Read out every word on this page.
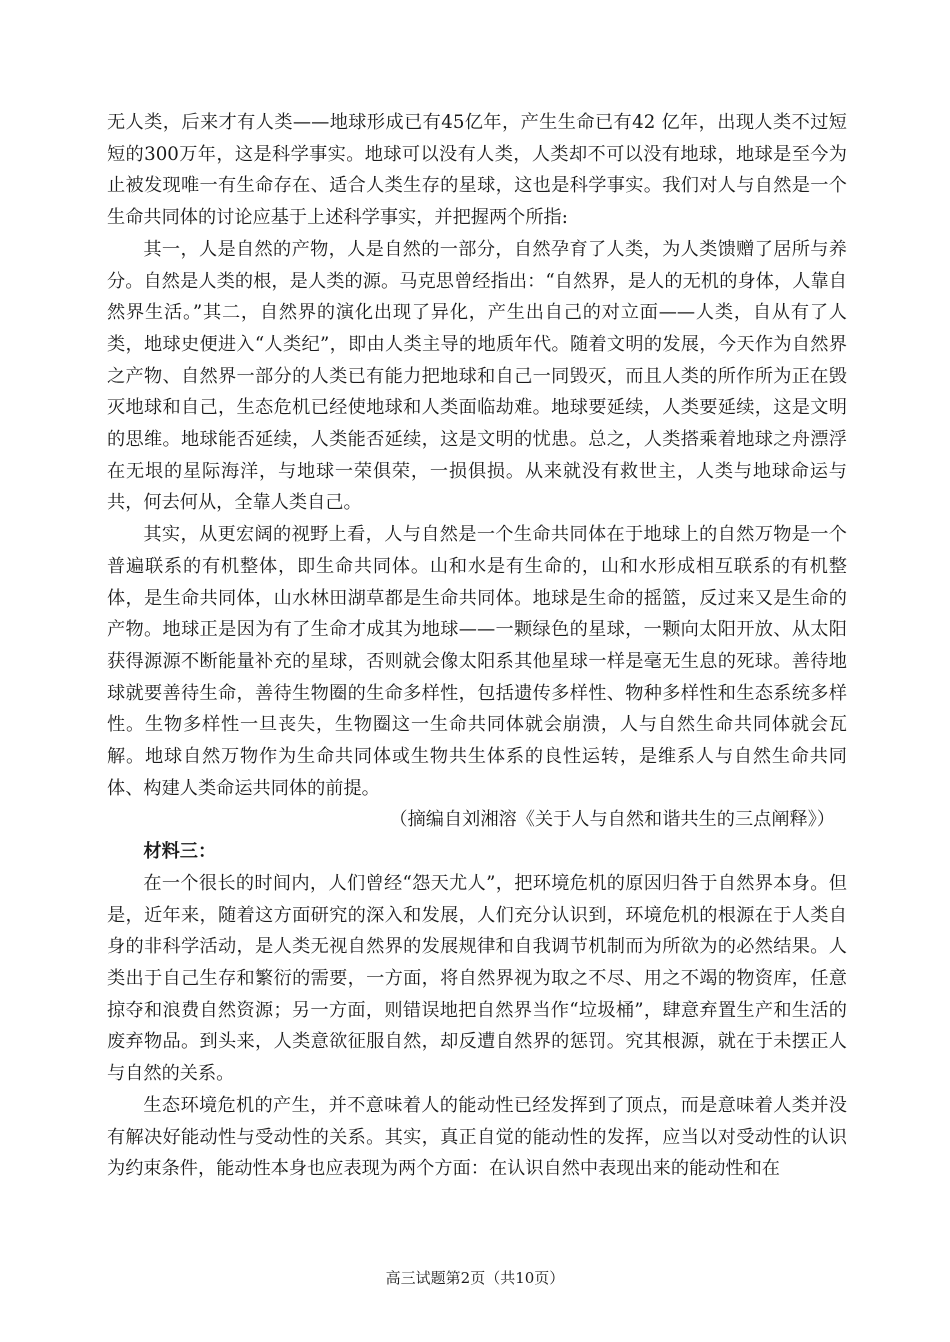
无人类，后来才有人类——地球形成已有45亿年，产生生命已有42 亿年，出现人类不过短短的300万年，这是科学事实。地球可以没有人类，人类却不可以没有地球，地球是至今为止被发现唯一有生命存在、适合人类生存的星球，这也是科学事实。我们对人与自然是一个生命共同体的讨论应基于上述科学事实，并把握两个所指:

其一，人是自然的产物，人是自然的一部分，自然孕育了人类，为人类馈赠了居所与养分。自然是人类的根，是人类的源。马克思曾经指出：“自然界，是人的无机的身体，人靠自然界生活。”其二，自然界的演化出现了异化，产生出自己的对立面——人类，自从有了人类，地球史便进入“人类纪”，即由人类主导的地质年代。随着文明的发展，今天作为自然界之产物、自然界一部分的人类已有能力把地球和自己一同毁灭，而且人类的所作所为正在毁灭地球和自己，生态危机已经使地球和人类面临劫难。地球要延续，人类要延续，这是文明的思维。地球能否延续，人类能否延续，这是文明的忧患。总之，人类搭乘着地球之舟漂浮在无垠的星际海洋，与地球一荣俱荣，一损俱损。从来就没有救世主，人类与地球命运与共，何去何从，全靠人类自己。

其实，从更宏阔的视野上看，人与自然是一个生命共同体在于地球上的自然万物是一个普遍联系的有机整体，即生命共同体。山和水是有生命的，山和水形成相互联系的有机整体，是生命共同体，山水林田湖草都是生命共同体。地球是生命的摇篮，反过来又是生命的产物。地球正是因为有了生命才成其为地球——一颗绿色的星球，一颗向太阳开放、从太阳获得源源不断能量补充的星球，否则就会像太阳系其他星球一样是毫无生息的死球。善待地球就要善待生命，善待生物圈的生命多样性，包括遗传多样性、物种多样性和生态系统多样性。生物多样性一旦丧失，生物圈这一生命共同体就会崩溃，人与自然生命共同体就会瓦解。地球自然万物作为生命共同体或生物共生体系的良性运转，是维系人与自然生命共同体、构建人类命运共同体的前提。

（摘编自刘湘溶《关于人与自然和谐共生的三点阐释》）

材料三：

在一个很长的时间内，人们曾经“怨天尤人”，把环境危机的原因归咎于自然界本身。但是，近年来，随着这方面研究的深入和发展，人们充分认识到，环境危机的根源在于人类自身的非科学活动，是人类无视自然界的发展规律和自我调节机制而为所欲为的必然结果。人类出于自己生存和繁衍的需要，一方面，将自然界视为取之不尽、用之不竭的物资库，任意掠夺和浪费自然资源；另一方面，则错误地把自然界当作“垃圾桶”，肆意弃置生产和生活的废弃物品。到头来，人类意欲征服自然，却反遭自然界的惩罚。究其根源，就在于未摆正人与自然的关系。

生态环境危机的产生，并不意味着人的能动性已经发挥到了顶点，而是意味着人类并没有解决好能动性与受动性的关系。其实，真正自觉的能动性的发挥，应当以对受动性的认识为约束条件，能动性本身也应表现为两个方面：在认识自然中表现出来的能动性和在

高三试题第2页（共10页）
